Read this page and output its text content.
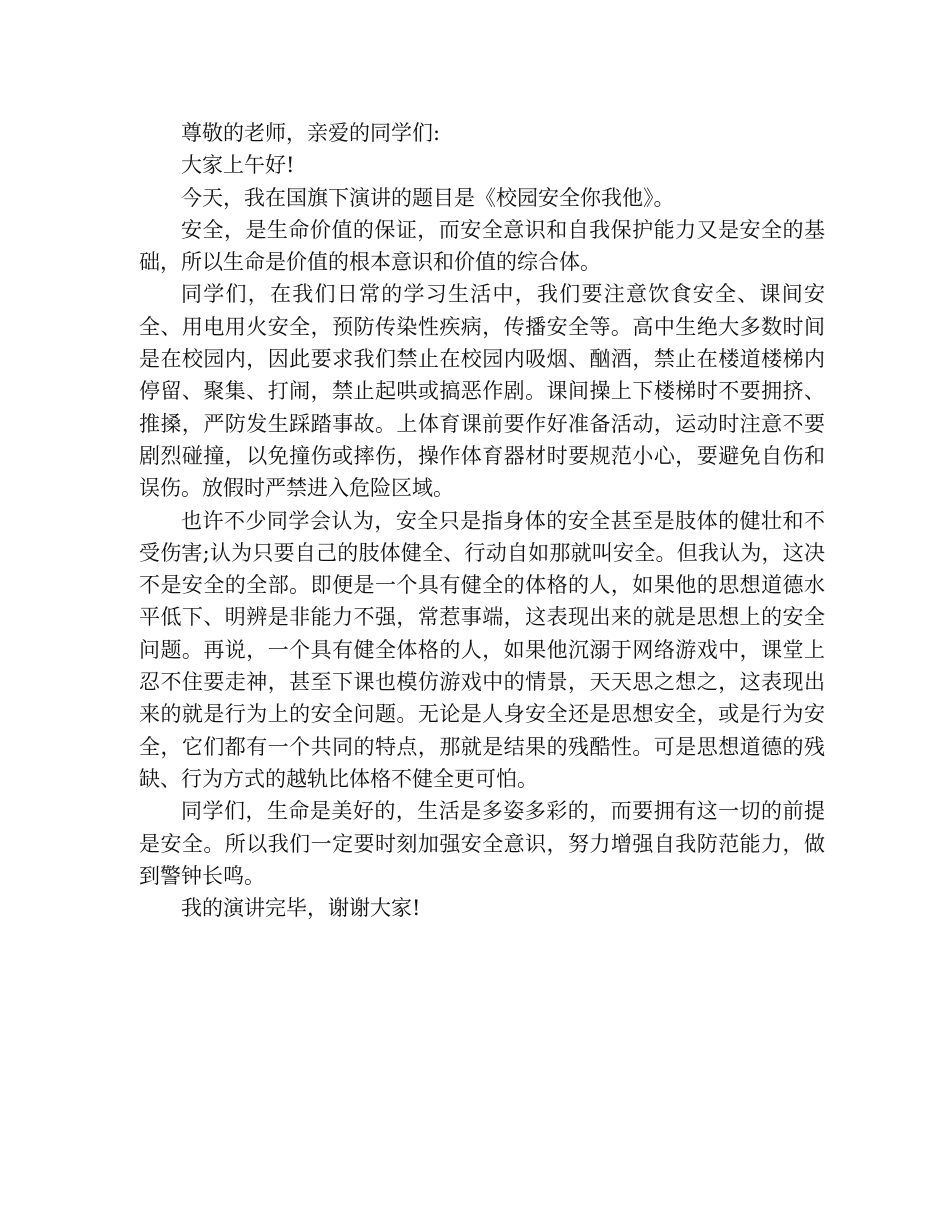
尊敬的老师，亲爱的同学们:

大家上午好!

今天，我在国旗下演讲的题目是《校园安全你我他》。

安全，是生命价值的保证，而安全意识和自我保护能力又是安全的基础，所以生命是价值的根本意识和价值的综合体。

同学们，在我们日常的学习生活中，我们要注意饮食安全、课间安全、用电用火安全，预防传染性疾病，传播安全等。高中生绝大多数时间是在校园内，因此要求我们禁止在校园内吸烟、酗酒，禁止在楼道楼梯内停留、聚集、打闹，禁止起哄或搞恶作剧。课间操上下楼梯时不要拥挤、推搡，严防发生踩踏事故。上体育课前要作好准备活动，运动时注意不要剧烈碰撞，以免撞伤或摔伤，操作体育器材时要规范小心，要避免自伤和误伤。放假时严禁进入危险区域。

也许不少同学会认为，安全只是指身体的安全甚至是肢体的健壮和不受伤害;认为只要自己的肢体健全、行动自如那就叫安全。但我认为，这决不是安全的全部。即便是一个具有健全的体格的人，如果他的思想道德水平低下、明辨是非能力不强，常惹事端，这表现出来的就是思想上的安全问题。再说，一个具有健全体格的人，如果他沉溺于网络游戏中，课堂上忍不住要走神，甚至下课也模仿游戏中的情景，天天思之想之，这表现出来的就是行为上的安全问题。无论是人身安全还是思想安全，或是行为安全，它们都有一个共同的特点，那就是结果的残酷性。可是思想道德的残缺、行为方式的越轨比体格不健全更可怕。

同学们，生命是美好的，生活是多姿多彩的，而要拥有这一切的前提是安全。所以我们一定要时刻加强安全意识，努力增强自我防范能力，做到警钟长鸣。

我的演讲完毕，谢谢大家!
